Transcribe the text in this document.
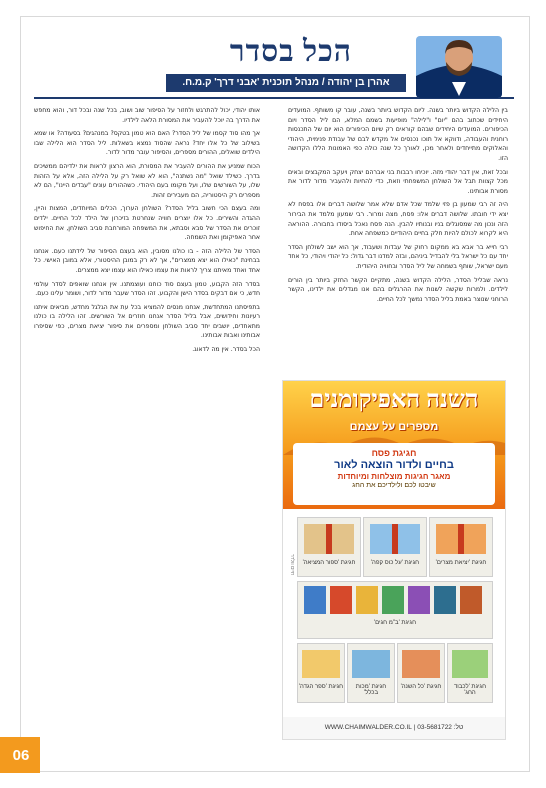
06
הכל בסדר
אהרן בן יהודה / מנהל תוכנית 'אבני דרך' ק.מ.ח.

בין הלילה הקדוש ביותר בשנה. ליום הקדוש ביותר בשנה, עובר קו משותף. המועדים היחידים שכתוב בהם "יום" ו"לילה" מופיעות בשמם המלא, הם ליל הסדר ויום הכיפורים. המועדים היחידים שבהם קוראים רק שיום הכיפורים הוא יום של התכנסות רוחנית והעבודה, ודווקא אל תוכו נכנסים אל מקדש לבם של עבודת פנימית, היהודי והאלוקים מתייחדים ולאחר מכן, לאורך כל שנה כולה כפי האמונות הללו הקדושה הזו.

ובכל זאת, אין דבר יהודי מזה. יוכיחו רבבות בני אברהם יצחק ויעקב המקבצים ובאים מכל קצוות תבל אל השולחן המשפחתי וזאת, כדי להחיות ולהעביר מדור לדור את מסורת אבותינו.

היה זה רבי שמעון בן פזי שלמד שכל אדם שלא אמר שלושה דברים אלו בפסח לא יצא ידי חובתו. שלושה דברים אלו: פסח, מצה ומרור. רבי שמעון מלמד את הבירור הזה ונכון מה שמסוגלים בניו ובנותיו להבין. הנה פסח נאכל ביסודו בחבורה. ההוראה היא לקרוא לכולם להיות חלק בחיים היהודיים כמשפחה אחת.

רבי חייא בר אבא בא ממקום רחוק של עבדות ושעבוד, אך הוא ישב לשולחן הסדר יחד עם כל ישראל בלי להבדיל ביניהם, ובזה למדנו דבר גדול: כל יהודי ויהודי, כל אחד מעם ישראל, שותף בשמחה של ליל הסדר ובחוויה היהודית.

נראה שבליל הסדר, הלילה הקדוש בשנה, מתקיים הקשר החזק ביותר בין הורים לילדים. ולמרות שקשה לשנות את ההרגלים בהם אנו מגדלים את ילדינו, הקשר הרוחני שנוצר באמת בליל הסדר נמשך לכל החיים.

אותו יהודי, יכול להתרגש ולחזור על הסיפור שוב ושוב, בכל שנה ובכל דור, והוא מחפש את הדרך בה יוכל להעביר את המסורת הלאה לילדיו.

אך מהו סוד קסמו של ליל הסדר? האם הוא טמון בטקס? במנהגים? בסעודה? או שמא בשילוב של כל אלו יחד? נראה שהסוד נמצא בשאלות. ליל הסדר הוא הלילה שבו הילדים שואלים, ההורים מספרים, והסיפור עובר מדור לדור.

הכוח שמניע את ההורים להעביר את המסורת, הוא הרצון לראות את ילדיהם ממשיכים בדרך. כשילד שואל "מה נשתנה", הוא לא שואל רק על הלילה הזה, אלא על הזהות שלו, על השורשים שלו, ועל מקומו בעם היהודי. כשההורים עונים "עבדים היינו", הם לא מספרים רק היסטוריה, הם מעבירים זהות.

ומה בעצם הכי חשוב בליל הסדר? השולחן הערוך, הכלים המיוחדים, המצות והיין, ההגדה והשירים. כל אלו יוצרים חוויה שנחרטת בזיכרון של הילד לכל החיים. ילדים זוכרים את הסדר של סבא וסבתא, את המשפחה המורחבת סביב השולחן, את החיפוש אחר האפיקומן ואת השמחה.

הסדר של הלילה הזה - בו כולנו מסובין, הוא בעצם הסיפור של לידתנו כעם. אנחנו בבחינת "כאילו הוא יצא ממצרים", אך לא רק במובן ההיסטורי, אלא במובן האישי. כל אחד ואחד מאיתנו צריך לראות את עצמו כאילו הוא עצמו יצא ממצרים.

בסדר הזה הקבוע, טמון בעצם סוד כוחנו ועוצמתנו. אין אנחנו שואפים לסדר עולמי חדש, כי אם דבקים בסדר הישן והקבוע. זהו הסדר שעבר מדור לדור, ושומר עלינו כעם.

בתפיסתנו המתחדשת, אנחנו מנסים להמציא בכל עת את הגלגל מחדש, מביאים איתנו רעיונות וחידושים, אבל בליל הסדר אנחנו חוזרים אל השורשים. זהו הלילה בו כולנו מתאחדים, יושבים יחד סביב השולחן ומספרים את סיפור יציאת מצרים, כפי שסיפרו אבותינו ואבות אבותינו.

הכל בסדר. אין מה לדאוג.

השנה האפיקומנים
מספרים על עצמם
חגיגת פסח
בחיים ולדור הוצאה לאור
מאגר חגיגות מוצלחות ומיוחדות
שיבטו לכם ולילדיכם את החג
חיים וולדר	חגיגת 'ספור המציאה'	חגיגת 'על כוס קפה'	חגיגת 'יציאת מצרים'
חגיגת 'ב"מ חגים'
חגיגת 'ספר הגדה'	חגיגת 'מכות בכלל'
חגיגת 'כל השנה'	חגיגת 'לכבוד החג'
טל: 03-5681722 | WWW.CHAIMWALDER.CO.IL
